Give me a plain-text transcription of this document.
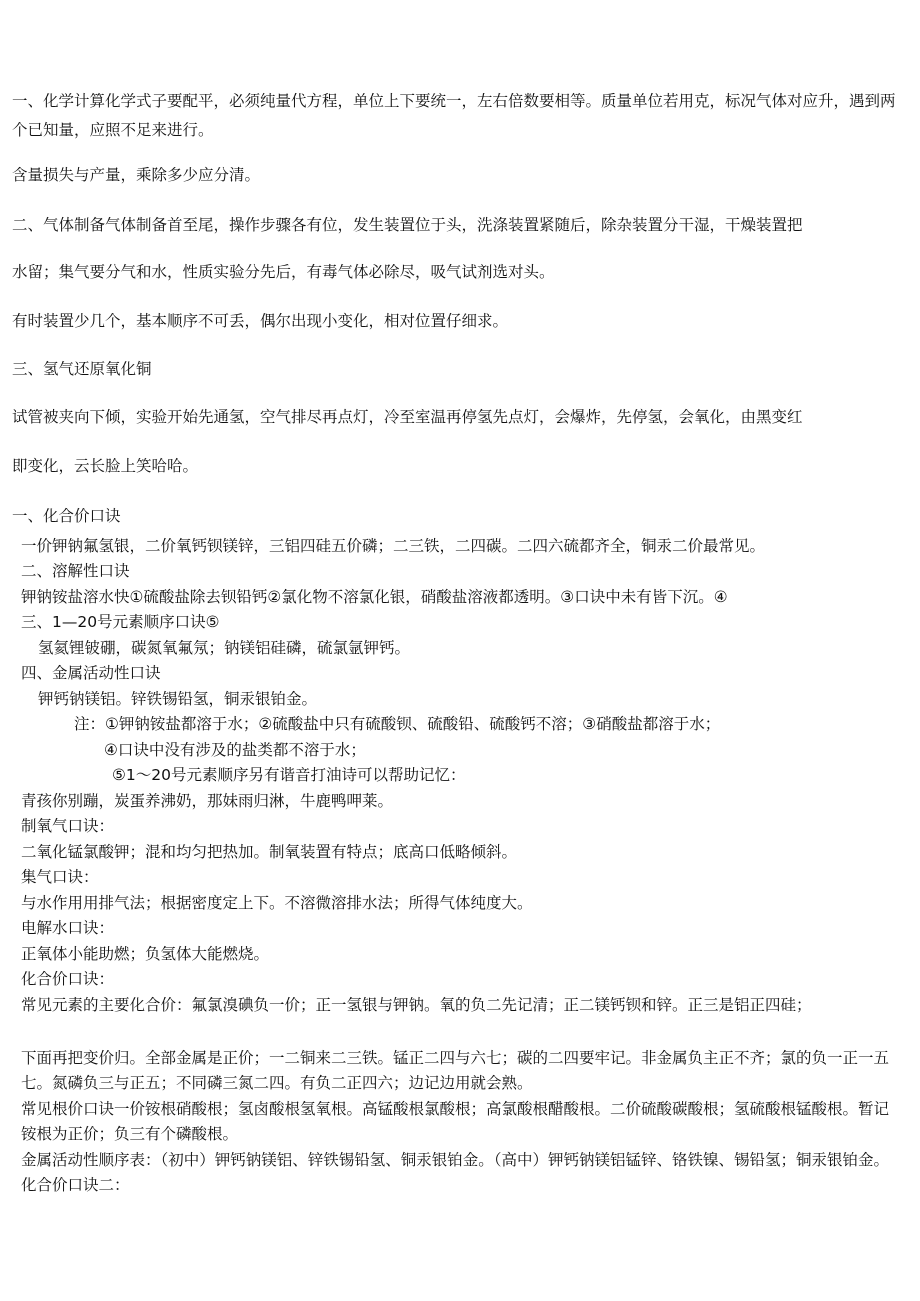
一、化学计算化学式子要配平，必须纯量代方程，单位上下要统一，左右倍数要相等。质量单位若用克，标况气体对应升，遇到两个已知量，应照不足来进行。

含量损失与产量，乘除多少应分清。

二、气体制备气体制备首至尾，操作步骤各有位，发生装置位于头，洗涤装置紧随后，除杂装置分干湿，干燥装置把

水留；集气要分气和水，性质实验分先后，有毒气体必除尽，吸气试剂选对头。

有时装置少几个，基本顺序不可丢，偶尔出现小变化，相对位置仔细求。

三、氢气还原氧化铜

试管被夹向下倾，实验开始先通氢，空气排尽再点灯，冷至室温再停氢先点灯，会爆炸，先停氢，会氧化，由黑变红

即变化，云长脸上笑哈哈。

一、化合价口诀

一价钾钠氟氢银，二价氧钙钡镁锌，三铝四硅五价磷；二三铁，二四碳。二四六硫都齐全，铜汞二价最常见。

二、溶解性口诀

钾钠铵盐溶水快①硫酸盐除去钡铅钙②氯化物不溶氯化银，硝酸盐溶液都透明。③口诀中未有皆下沉。④

三、1—20号元素顺序口诀⑤

氢氦锂铍硼，碳氮氧氟氖；钠镁铝硅磷，硫氯氩钾钙。

四、金属活动性口诀

钾钙钠镁铝。锌铁锡铅氢，铜汞银铂金。

注：①钾钠铵盐都溶于水；②硫酸盐中只有硫酸钡、硫酸铅、硫酸钙不溶；③硝酸盐都溶于水；

④口诀中没有涉及的盐类都不溶于水；

⑤1～20号元素顺序另有谐音打油诗可以帮助记忆：

青孩你别蹦，炭蛋养沸奶，那妹雨归淋，牛鹿鸭呷莱。

制氧气口诀：

二氧化锰氯酸钾；混和均匀把热加。制氧装置有特点；底高口低略倾斜。

集气口诀：

与水作用用排气法；根据密度定上下。不溶微溶排水法；所得气体纯度大。

电解水口诀：

正氧体小能助燃；负氢体大能燃烧。

化合价口诀：

常见元素的主要化合价：氟氯溴碘负一价；正一氢银与钾钠。氧的负二先记清；正二镁钙钡和锌。正三是铝正四硅；

下面再把变价归。全部金属是正价；一二铜来二三铁。锰正二四与六七；碳的二四要牢记。非金属负主正不齐；氯的负一正一五七。氮磷负三与正五；不同磷三氮二四。有负二正四六；边记边用就会熟。

常见根价口诀一价铵根硝酸根；氢卤酸根氢氧根。高锰酸根氯酸根；高氯酸根醋酸根。二价硫酸碳酸根；氢硫酸根锰酸根。暂记铵根为正价；负三有个磷酸根。

金属活动性顺序表：（初中）钾钙钠镁铝、锌铁锡铅氢、铜汞银铂金。（高中）钾钙钠镁铝锰锌、铬铁镍、锡铅氢；铜汞银铂金。化合价口诀二：
